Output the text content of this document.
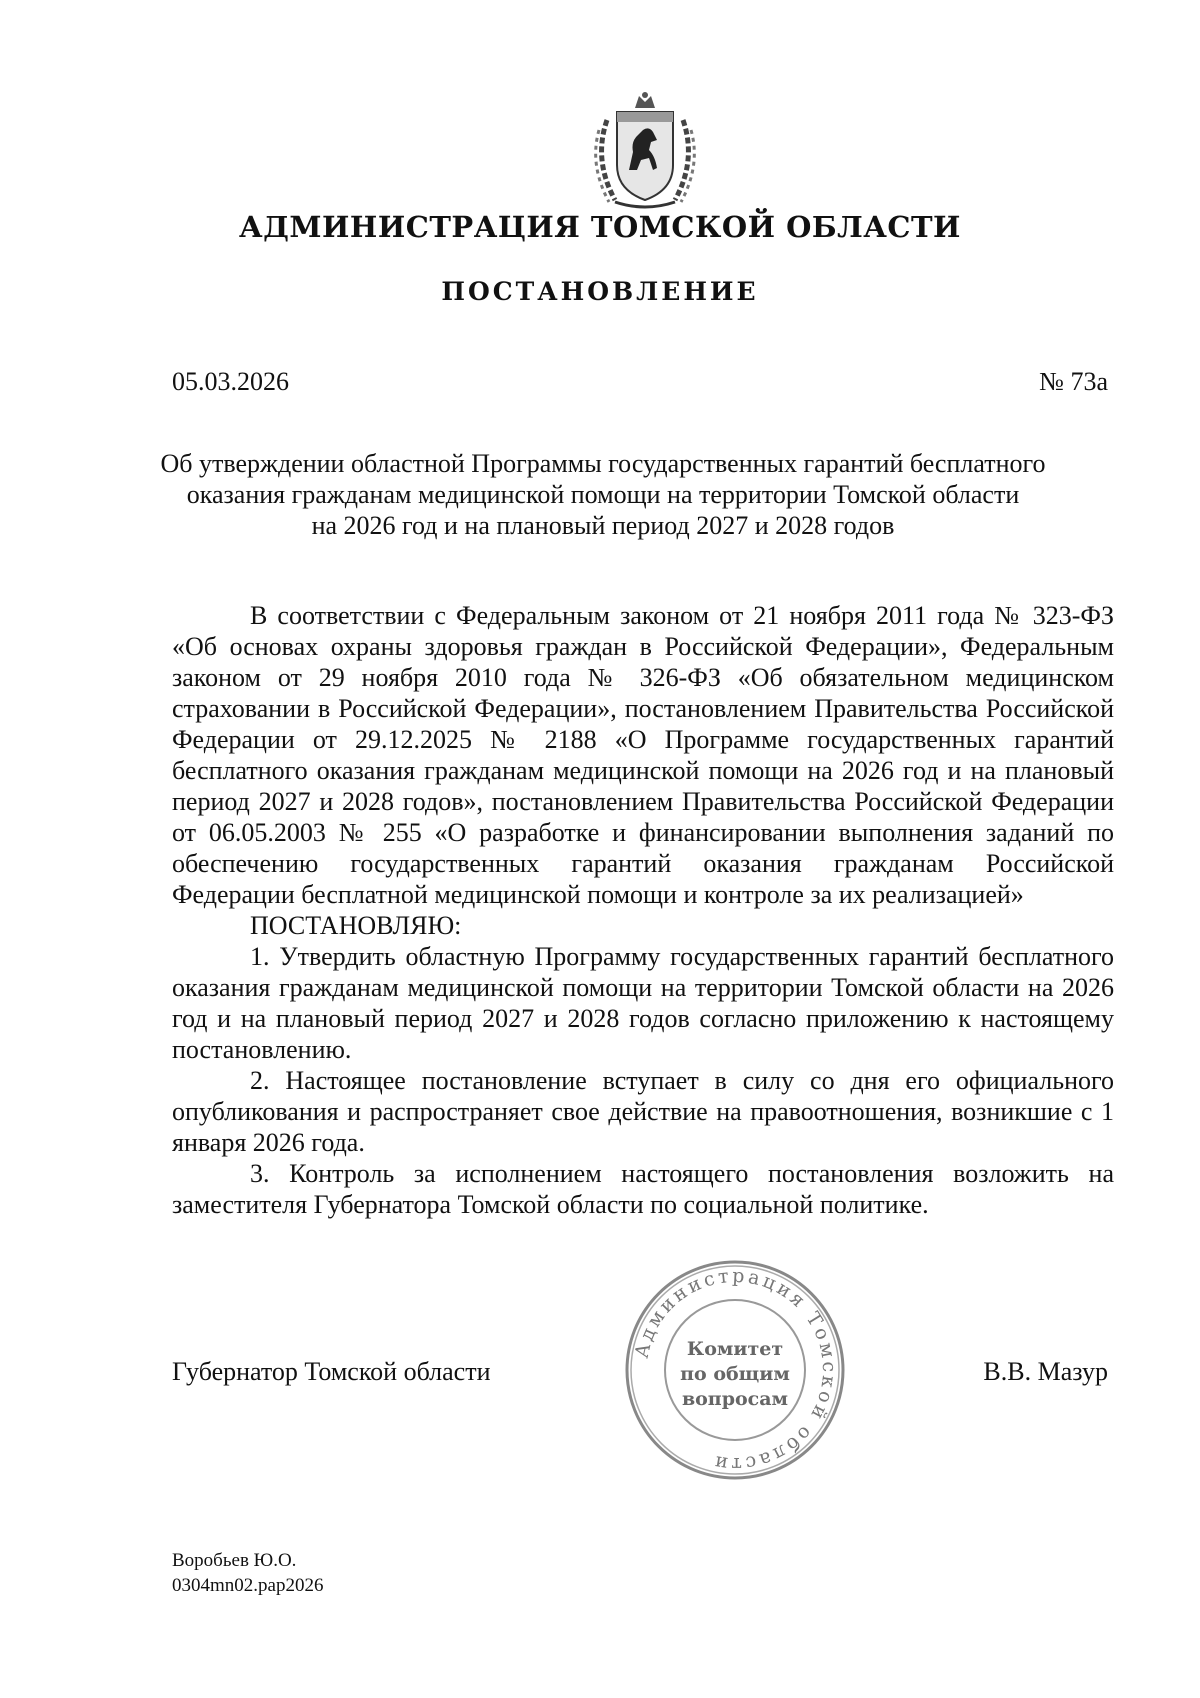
АДМИНИСТРАЦИЯ ТОМСКОЙ ОБЛАСТИ
ПОСТАНОВЛЕНИЕ
05.03.2026	№ 73а
Об утверждении областной Программы государственных гарантий бесплатного
оказания гражданам медицинской помощи на территории Томской области
на 2026 год и на плановый период 2027 и 2028 годов

В соответствии с Федеральным законом от 21 ноября 2011 года № 323-ФЗ «Об основах охраны здоровья граждан в Российской Федерации», Федеральным законом от 29 ноября 2010 года № 326-ФЗ «Об обязательном медицинском страховании в Российской Федерации», постановлением Правительства Российской Федерации от 29.12.2025 № 2188 «О Программе государственных гарантий бесплатного оказания гражданам медицинской помощи на 2026 год и на плановый период 2027 и 2028 годов», постановлением Правительства Российской Федерации от 06.05.2003 № 255 «О разработке и финансировании выполнения заданий по обеспечению государственных гарантий оказания гражданам Российской Федерации бесплатной медицинской помощи и контроле за их реализацией»

ПОСТАНОВЛЯЮ:

1. Утвердить областную Программу государственных гарантий бесплатного оказания гражданам медицинской помощи на территории Томской области на 2026 год и на плановый период 2027 и 2028 годов согласно приложению к настоящему постановлению.

2. Настоящее постановление вступает в силу со дня его официального опубликования и распространяет свое действие на правоотношения, возникшие с 1 января 2026 года.

3. Контроль за исполнением настоящего постановления возложить на заместителя Губернатора Томской области по социальной политике.

Губернатор Томской области	В.В. Мазур
Администрация Томской области
Комитет
по общим
вопросам
Воробьев Ю.О.
0304mn02.pap2026
